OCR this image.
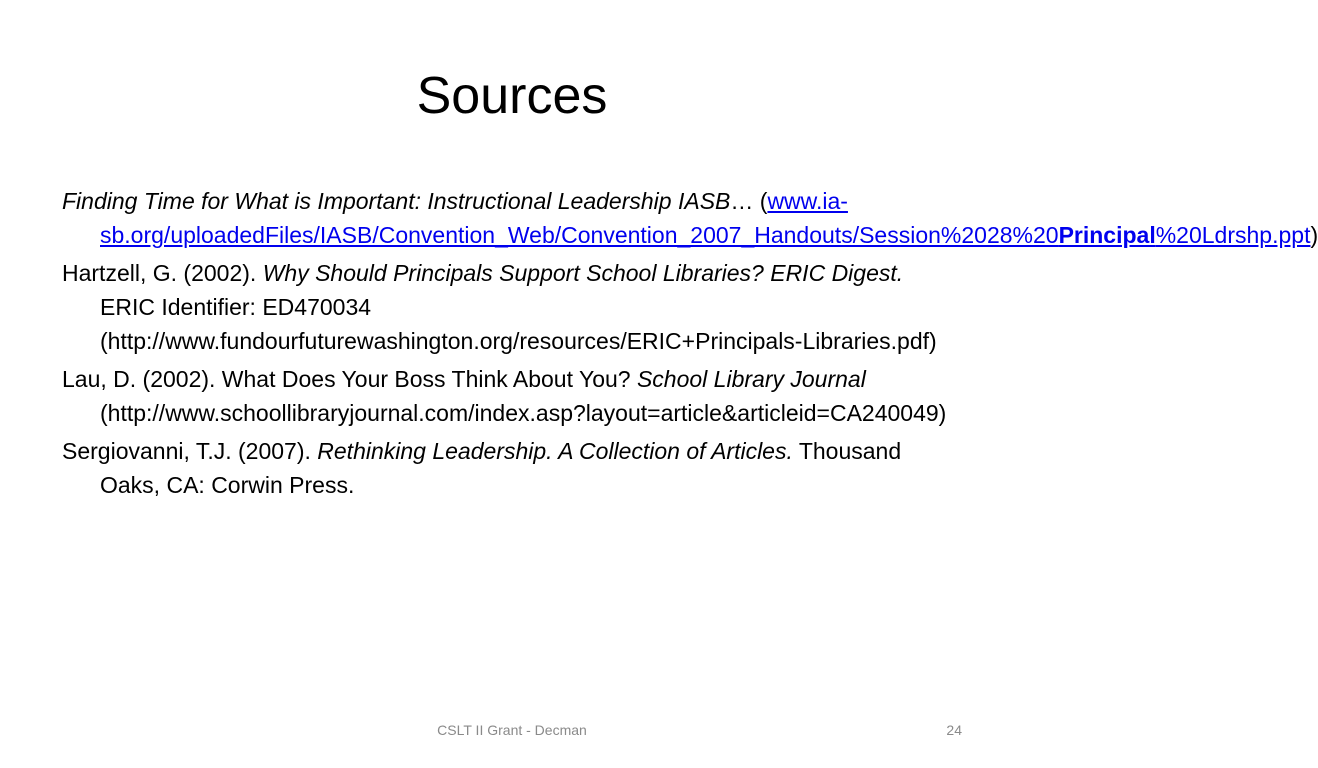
Sources

Finding Time for What is Important: Instructional Leadership IASB… (www.ia-sb.org/uploadedFiles/IASB/Convention_Web/Convention_2007_Handouts/Session%2028%20Principal%20Ldrshp.ppt)

Hartzell, G. (2002). Why Should Principals Support School Libraries? ERIC Digest.   ERIC Identifier: ED470034 (http://www.fundourfuturewashington.org/resources/ERIC+Principals-Libraries.pdf)

Lau, D. (2002). What Does Your Boss Think About You? School Library Journal (http://www.schoollibraryjournal.com/index.asp?layout=article&articleid=CA240049)

Sergiovanni, T.J. (2007). Rethinking Leadership. A Collection of Articles. Thousand Oaks, CA: Corwin Press.

CSLT II Grant - Decman	24
